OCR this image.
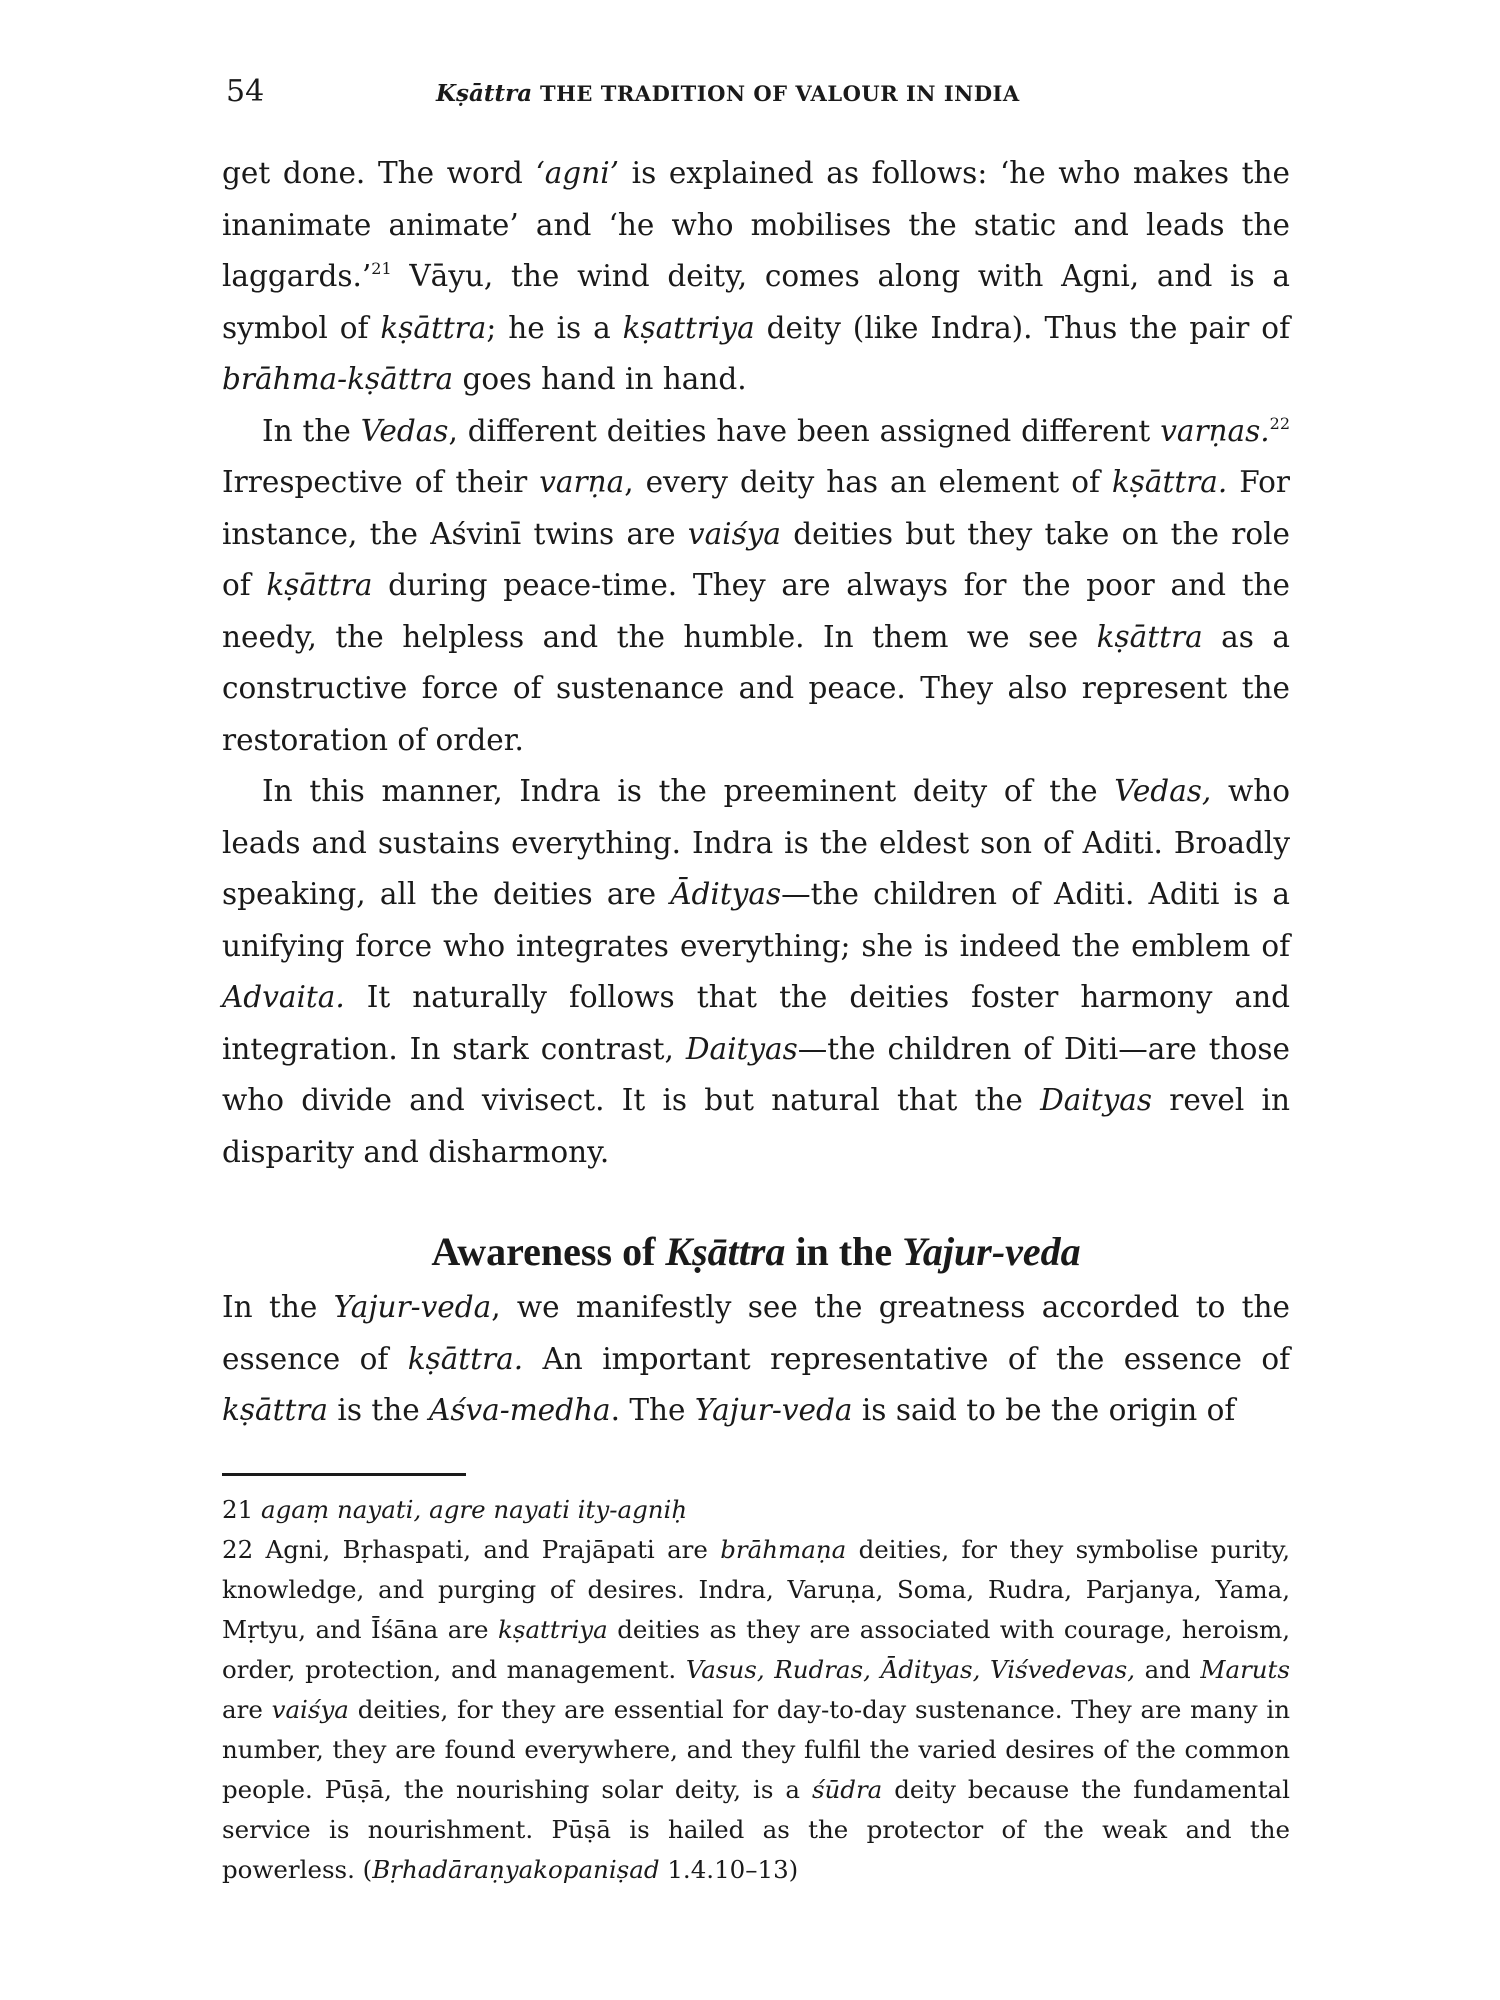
54	Kṣāttra THE TRADITION OF VALOUR IN INDIA

get done. The word ‘agni’ is explained as follows: ‘he who makes the inanimate animate’ and ‘he who mobilises the static and leads the laggards.’$^{21}$ Vāyu, the wind deity, comes along with Agni, and is a symbol of kṣāttra; he is a kṣattriya deity (like Indra). Thus the pair of brāhma-kṣāttra goes hand in hand.

In the Vedas, different deities have been assigned different varṇas.$^{22}$ Irrespective of their varṇa, every deity has an element of kṣāttra. For instance, the Aśvinī twins are vaiśya deities but they take on the role of kṣāttra during peace-time. They are always for the poor and the needy, the helpless and the humble. In them we see kṣāttra as a constructive force of sustenance and peace. They also represent the restoration of order.

In this manner, Indra is the preeminent deity of the Vedas, who leads and sustains everything. Indra is the eldest son of Aditi. Broadly speaking, all the deities are Ādityas—the children of Aditi. Aditi is a unifying force who integrates everything; she is indeed the emblem of Advaita. It naturally follows that the deities foster harmony and integration. In stark contrast, Daityas—the children of Diti—are those who divide and vivisect. It is but natural that the Daityas revel in disparity and disharmony.

Awareness of Kṣāttra in the Yajur-veda

In the Yajur-veda, we manifestly see the greatness accorded to the essence of kṣāttra. An important representative of the essence of kṣāttra is the Aśva-medha. The Yajur-veda is said to be the origin of

21 agaṃ nayati, agre nayati ity-agniḥ

22 Agni, Bṛhaspati, and Prajāpati are brāhmaṇa deities, for they symbolise purity, knowledge, and purging of desires. Indra, Varuṇa, Soma, Rudra, Parjanya, Yama, Mṛtyu, and Īśāna are kṣattriya deities as they are associated with courage, heroism, order, protection, and management. Vasus, Rudras, Ādityas, Viśvedevas, and Maruts are vaiśya deities, for they are essential for day-to-day sustenance. They are many in number, they are found everywhere, and they fulfil the varied desires of the common people. Pūṣā, the nourishing solar deity, is a śūdra deity because the fundamental service is nourishment. Pūṣā is hailed as the protector of the weak and the powerless. (Bṛhadāraṇyakopaniṣad 1.4.10–13)
